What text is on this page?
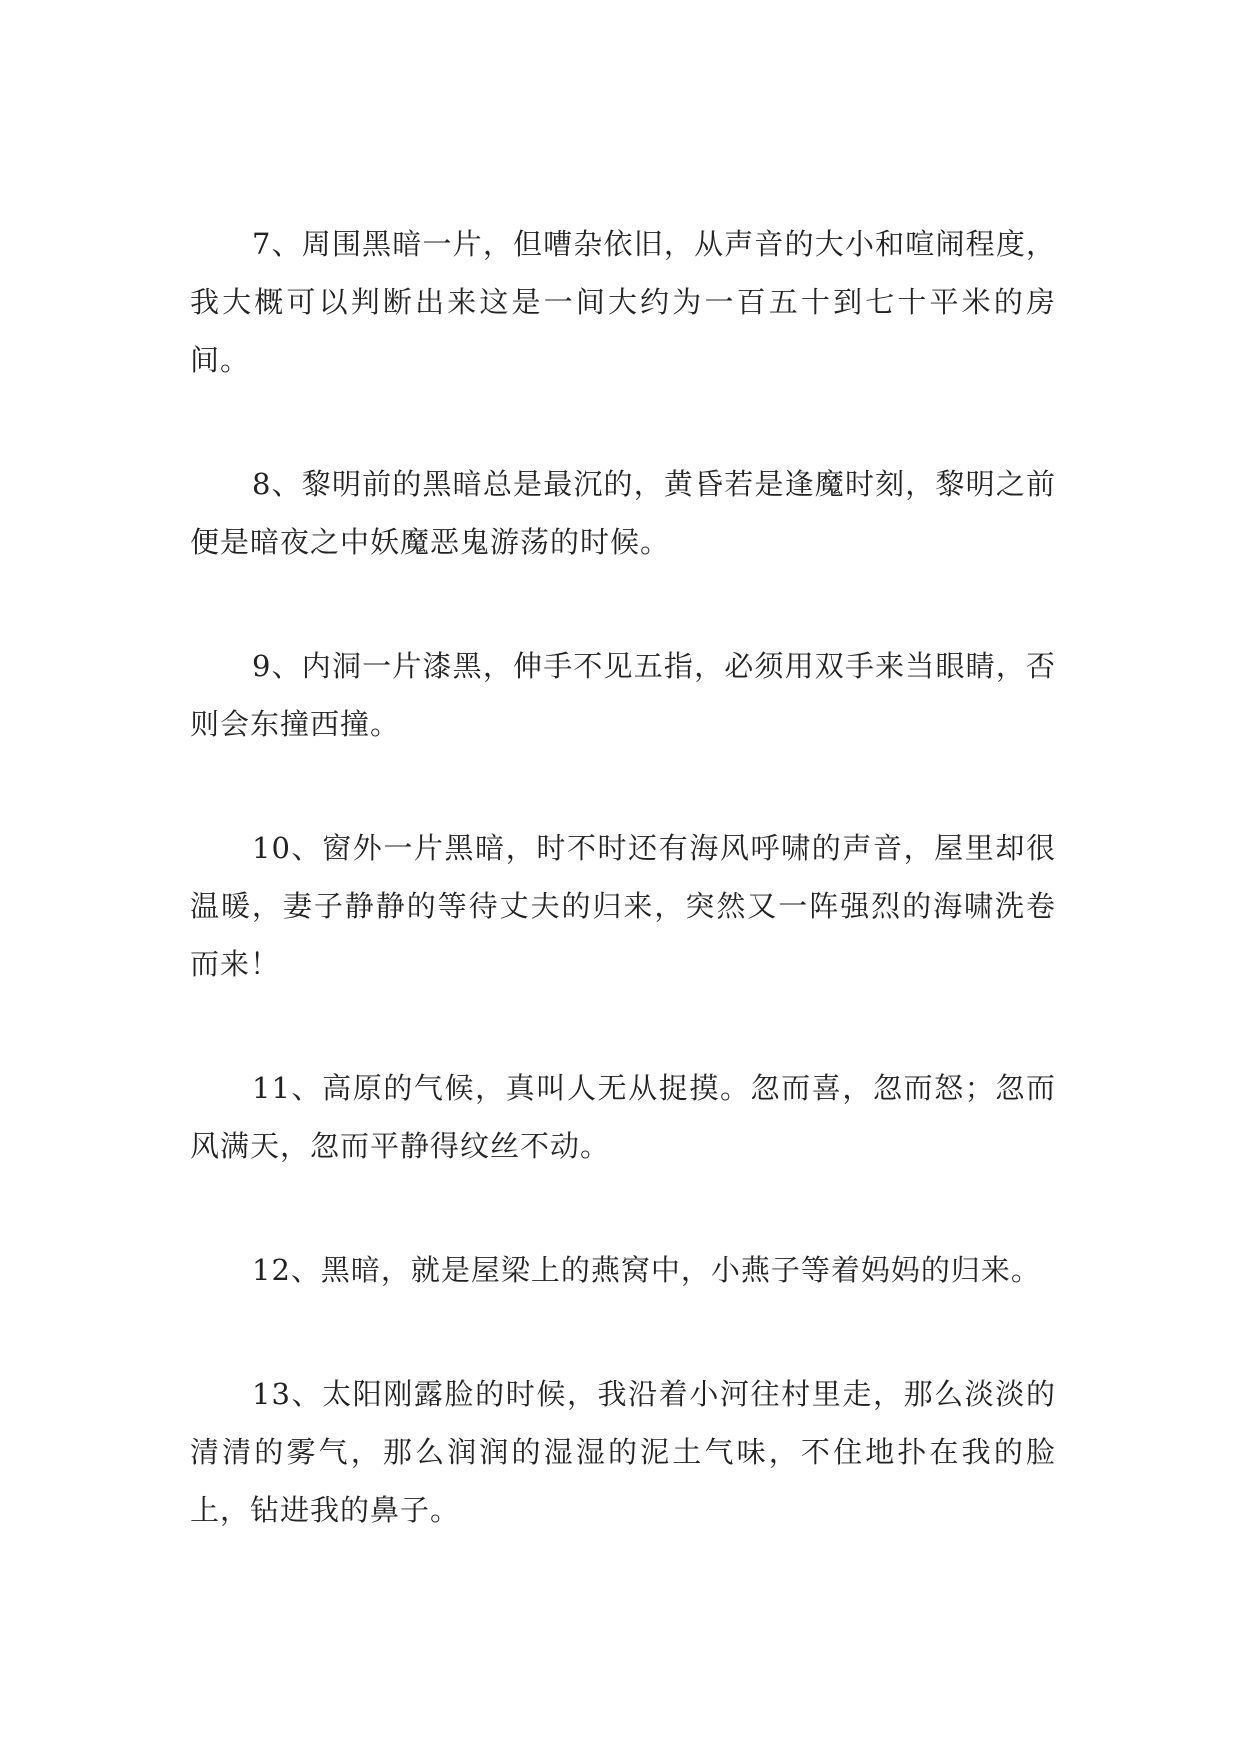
7、周围黑暗一片，但嘈杂依旧，从声音的大小和喧闹程度，我大概可以判断出来这是一间大约为一百五十到七十平米的房间。

8、黎明前的黑暗总是最沉的，黄昏若是逢魔时刻，黎明之前便是暗夜之中妖魔恶鬼游荡的时候。

9、内洞一片漆黑，伸手不见五指，必须用双手来当眼睛，否则会东撞西撞。

10、窗外一片黑暗，时不时还有海风呼啸的声音，屋里却很温暖，妻子静静的等待丈夫的归来，突然又一阵强烈的海啸洗卷而来！

11、高原的气候，真叫人无从捉摸。忽而喜，忽而怒；忽而风满天，忽而平静得纹丝不动。

12、黑暗，就是屋梁上的燕窝中，小燕子等着妈妈的归来。

13、太阳刚露脸的时候，我沿着小河往村里走，那么淡淡的清清的雾气，那么润润的湿湿的泥土气味，不住地扑在我的脸上，钻进我的鼻子。
